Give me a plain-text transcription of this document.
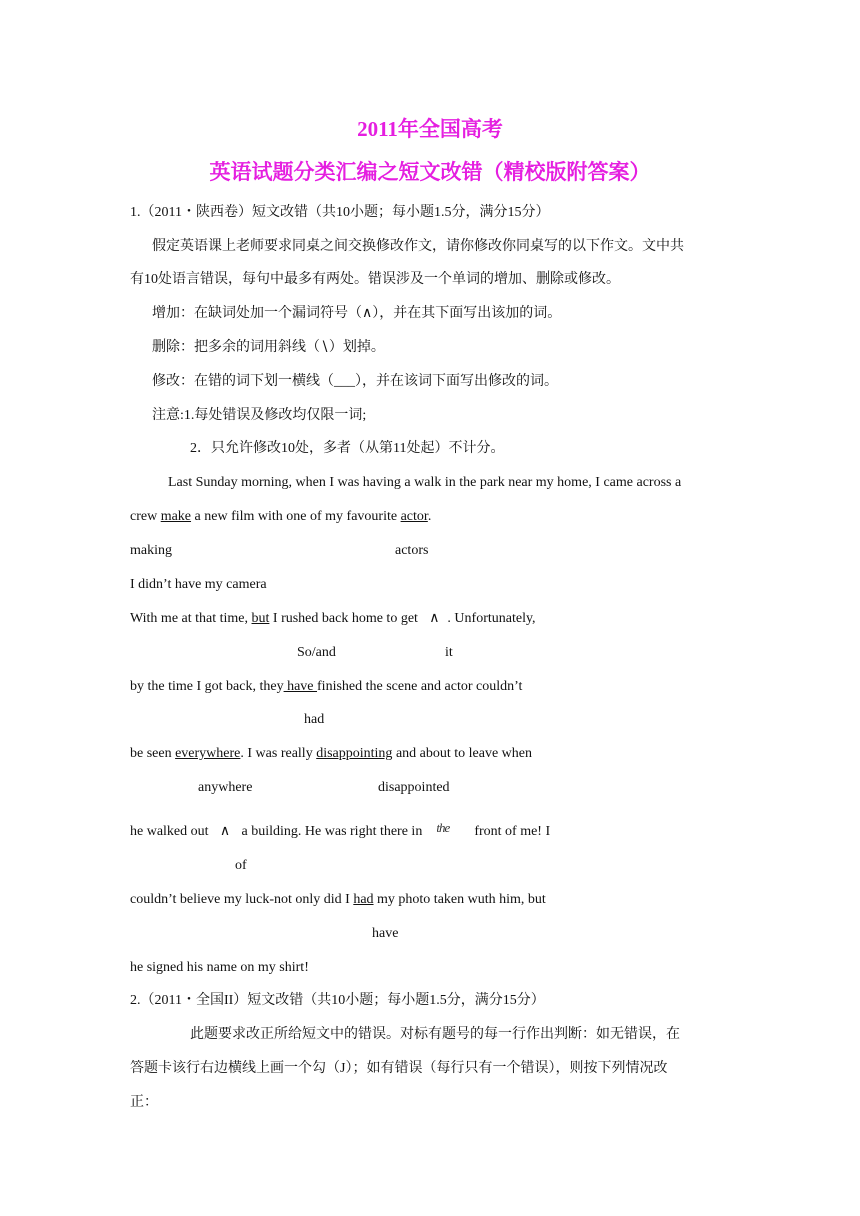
2011年全国高考
英语试题分类汇编之短文改错（精校版附答案）
1.（2011・陕西卷）短文改错（共10小题；每小题1.5分，满分15分）
假定英语课上老师要求同桌之间交换修改作文，请你修改你同桌写的以下作文。文中共
有10处语言错误，每句中最多有两处。错误涉及一个单词的增加、删除或修改。
增加：在缺词处加一个漏词符号（∧），并在其下面写出该加的词。
删除：把多余的词用斜线（∖）划掉。
修改：在错的词下划一横线（___），并在该词下面写出修改的词。
注意:1.每处错误及修改均仅限一词;
2．只允许修改10处，多者（从第11处起）不计分。
Last Sunday morning, when I was having a walk in the park near my home, I came across a
crew make a new film with one of my favourite actor.
making	actors
I didn’t have my camera
With me at that time, but I rushed back home to get ∧ . Unfortunately,
So/and	it
by the time I got back, they have finished the scene and actor couldn’t
had
be seen everywhere. I was really disappointing and about to leave when
anywhere	disappointed
he walked out ∧ a building. He was right there in the front of me! I
of
couldn’t believe my luck-not only did I had my photo taken wuth him, but
have
he signed his name on my shirt!
2.（2011・全国II）短文改错（共10小题；每小题1.5分，满分15分）
此题要求改正所给短文中的错误。对标有题号的每一行作出判断：如无错误，在
答题卡该行右边横线上画一个勾（J）；如有错误（每行只有一个错误），则按下列情况改
正：
